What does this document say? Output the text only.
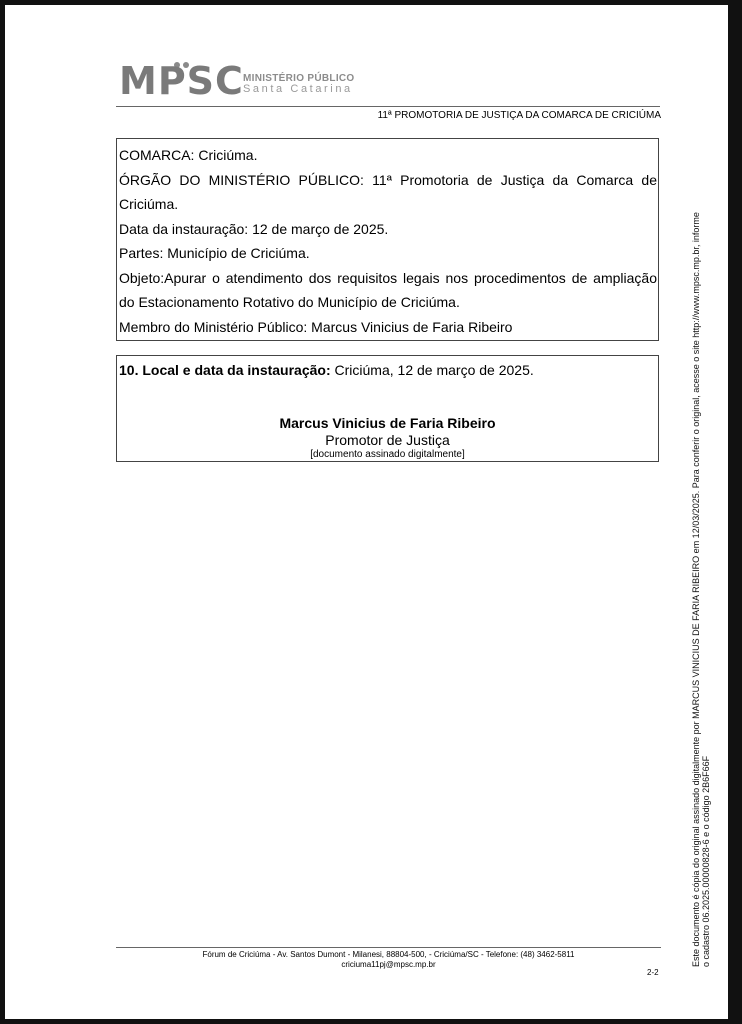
MPSC MINISTÉRIO PÚBLICO
Santa Catarina
11ª PROMOTORIA DE JUSTIÇA DA COMARCA DE CRICIÚMA
COMARCA: Criciúma.
ÓRGÃO DO MINISTÉRIO PÚBLICO: 11ª Promotoria de Justiça da Comarca de
Criciúma.
Data da instauração: 12 de março de 2025.
Partes: Município de Criciúma.
Objeto:Apurar o atendimento dos requisitos legais nos procedimentos de ampliação
do Estacionamento Rotativo do Município de Criciúma.
Membro do Ministério Público: Marcus Vinicius de Faria Ribeiro
10. Local e data da instauração: Criciúma, 12 de março de 2025.
Marcus Vinicius de Faria Ribeiro
Promotor de Justiça
[documento assinado digitalmente]
Fórum de Criciúma - Av. Santos Dumont - Milanesi, 88804-500, - Criciúma/SC - Telefone: (48) 3462-5811
criciuma11pj@mpsc.mp.br
2-2
Este documento é cópia do original assinado digitalmente por MARCUS VINICIUS DE FARIA RIBEIRO em 12/03/2025. Para conferir o original, acesse o site http://www.mpsc.mp.br, informe o cadastro 06.2025.00000828-6 e o código 2B6F66F
